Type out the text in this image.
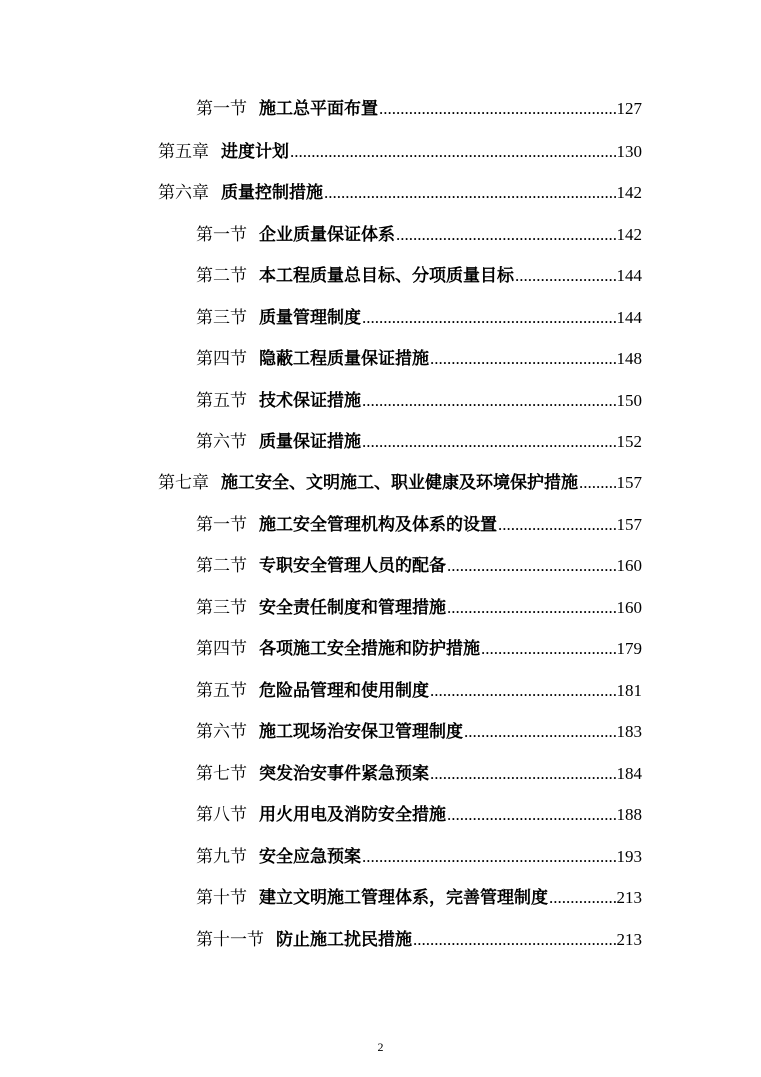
第一节 施工总平面布置 .....	127
第五章 进度计划 .....	130
第六章 质量控制措施 .....	142
第一节 企业质量保证体系 .....	142
第二节 本工程质量总目标、分项质量目标 .....	144
第三节 质量管理制度 .....	144
第四节 隐蔽工程质量保证措施 .....	148
第五节 技术保证措施 .....	150
第六节 质量保证措施 .....	152
第七章 施工安全、文明施工、职业健康及环境保护措施 ..... 157
第一节 施工安全管理机构及体系的设置 .....	157
第二节 专职安全管理人员的配备 .....	160
第三节 安全责任制度和管理措施 .....	160
第四节 各项施工安全措施和防护措施 .....	179
第五节 危险品管理和使用制度 .....	181
第六节 施工现场治安保卫管理制度 .....	183
第七节 突发治安事件紧急预案 .....	184
第八节 用火用电及消防安全措施 .....	188
第九节 安全应急预案 .....	193
第十节 建立文明施工管理体系，完善管理制度 .....	213
第十一节 防止施工扰民措施 .....	213
2
